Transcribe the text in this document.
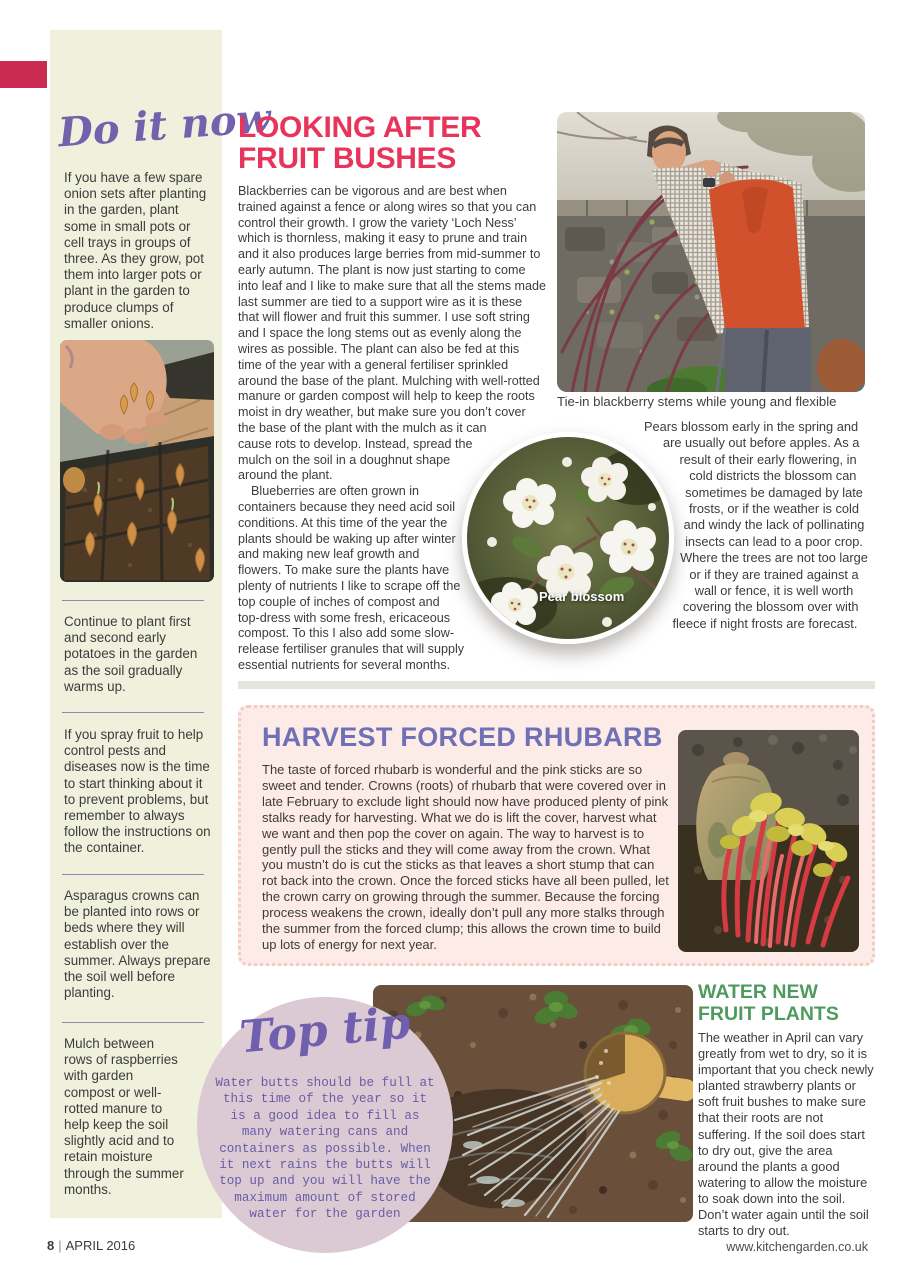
Do it now
If you have a few spare onion sets after planting in the garden, plant some in small pots or cell trays in groups of three. As they grow, pot them into larger pots or plant in the garden to produce clumps of smaller onions.
Continue to plant first and second early potatoes in the garden as the soil gradually warms up.
If you spray fruit to help control pests and diseases now is the time to start thinking about it to prevent problems, but remember to always follow the instructions on the container.
Asparagus crowns can be planted into rows or beds where they will establish over the summer. Always prepare the soil well before planting.
Mulch between rows of raspberries with garden compost or well-rotted manure to help keep the soil slightly acid and to retain moisture through the summer months.
LOOKING AFTER
FRUIT BUSHES

Blackberries can be vigorous and are best when trained against a fence or along wires so that you can control their growth. I grow the variety ‘Loch Ness’ which is thornless, making it easy to prune and train and it also produces large berries from mid-summer to early autumn. The plant is now just starting to come into leaf and I like to make sure that all the stems made last summer are tied to a support wire as it is these that will flower and fruit this summer. I use soft string and I space the long stems out as evenly along the wires as possible. The plant can also be fed at this time of the year with a general fertiliser sprinkled around the base of the plant. Mulching with well-rotted manure or garden compost will help to keep the roots moist in dry weather, but make sure you don’t cover the base of the plant with the mulch as it can cause rots to develop. Instead, spread the mulch on the soil in a doughnut shape around the plant.

Blueberries are often grown in containers because they need acid soil conditions. At this time of the year the plants should be waking up after winter and making new leaf growth and flowers. To make sure the plants have plenty of nutrients I like to scrape off the top couple of inches of compost and top-dress with some fresh, ericaceous compost. To this I also add some slow-release fertiliser granules that will supply essential nutrients for several months.

Tie-in blackberry stems while young and flexible
Pear blossom
Pears blossom early in the spring and are usually out before apples. As a result of their early flowering, in cold districts the blossom can sometimes be damaged by late frosts, or if the weather is cold and windy the lack of pollinating insects can lead to a poor crop. Where the trees are not too large or if they are trained against a wall or fence, it is well worth covering the blossom over with fleece if night frosts are forecast.
HARVEST FORCED RHUBARB
The taste of forced rhubarb is wonderful and the pink sticks are so sweet and tender. Crowns (roots) of rhubarb that were covered over in late February to exclude light should now have produced plenty of pink stalks ready for harvesting. What we do is lift the cover, harvest what we want and then pop the cover on again. The way to harvest is to gently pull the sticks and they will come away from the crown. What you mustn’t do is cut the sticks as that leaves a short stump that can rot back into the crown. Once the forced sticks have all been pulled, let the crown carry on growing through the summer. Because the forcing process weakens the crown, ideally don’t pull any more stalks through the summer from the forced clump; this allows the crown time to build up lots of energy for next year.
Top tip
Water butts should be full at this time of the year so it is a good idea to fill as many watering cans and containers as possible. When it next rains the butts will top up and you will have the maximum amount of stored water for the garden
WATER NEW
FRUIT PLANTS
The weather in April can vary greatly from wet to dry, so it is important that you check newly planted strawberry plants or soft fruit bushes to make sure that their roots are not suffering. If the soil does start to dry out, give the area around the plants a good watering to allow the moisture to soak down into the soil. Don’t water again until the soil starts to dry out.
8 | APRIL 2016	www.kitchengarden.co.uk
